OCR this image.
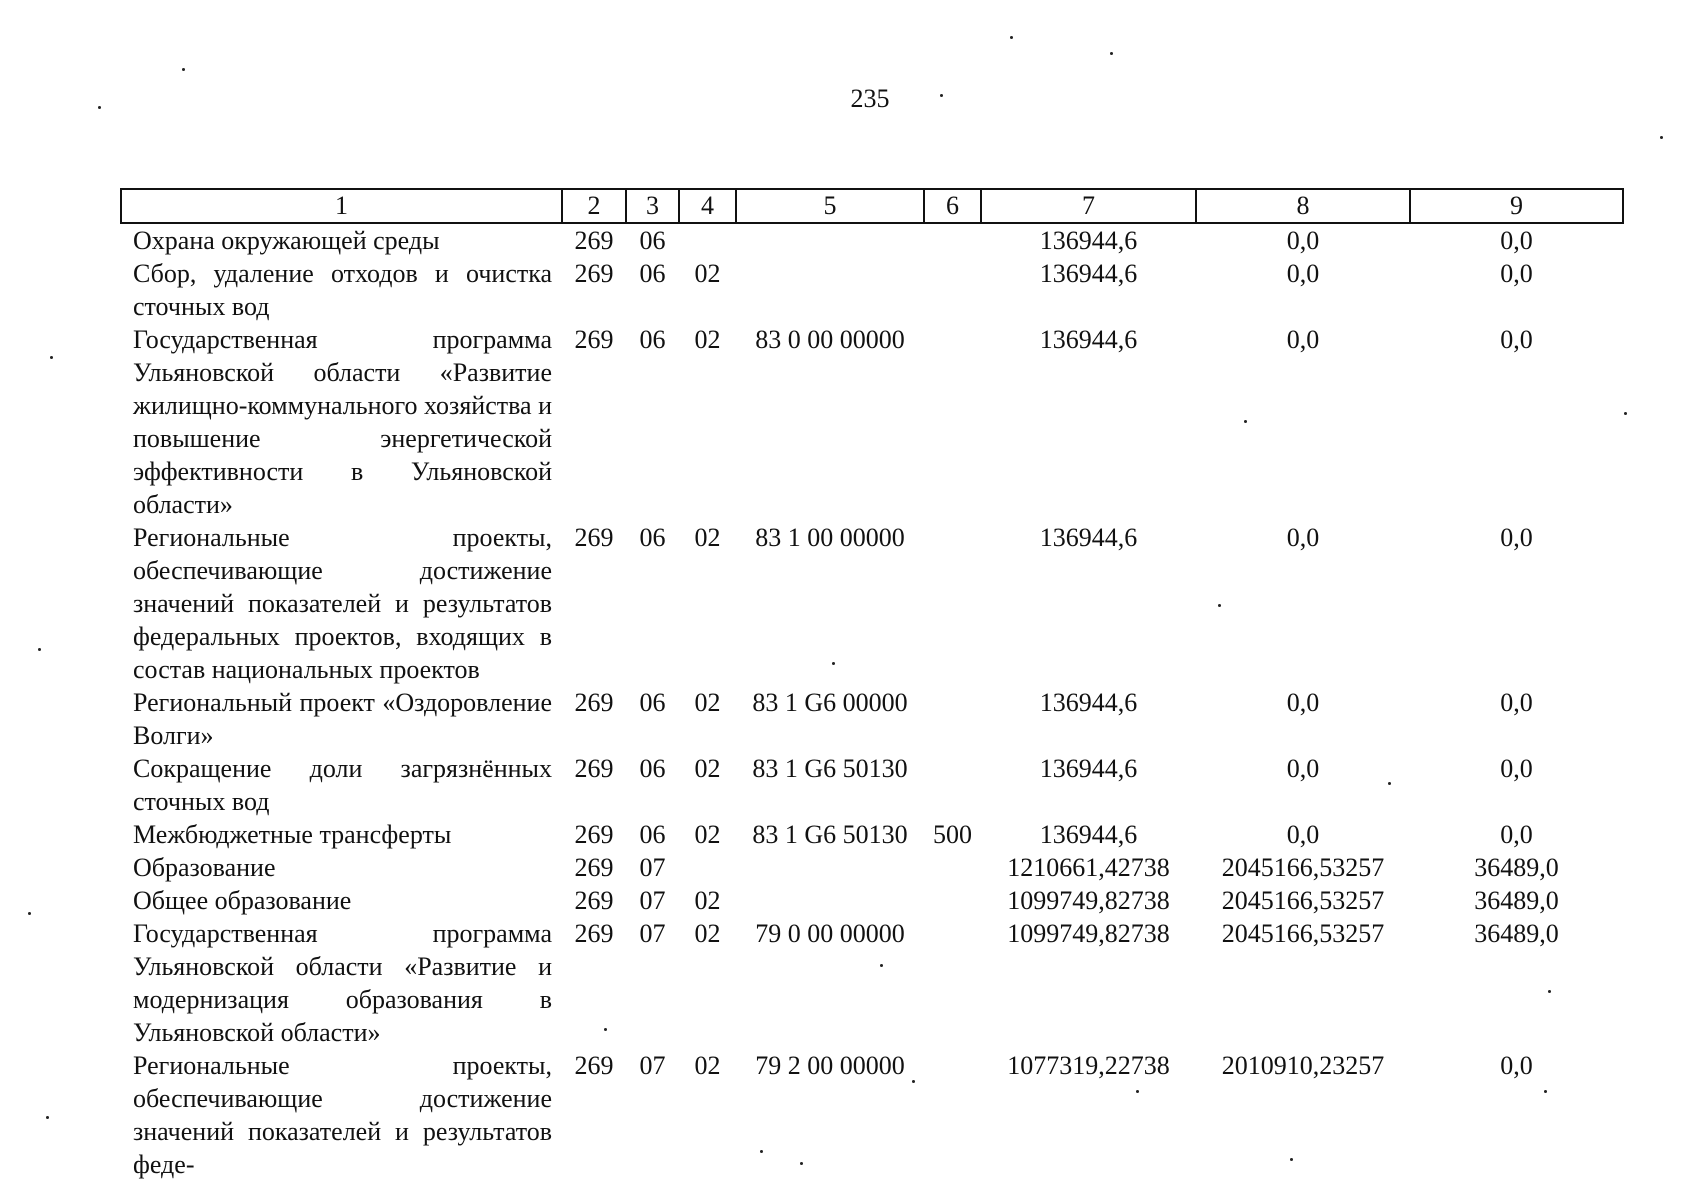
235
1	2	3	4	5	6	7	8	9
Охрана окружающей среды	269	06				136944,6	0,0	0,0
Сбор, удаление отходов и очистка сточных вод	269	06	02			136944,6	0,0	0,0
Государственная программа Ульяновской области «Развитие жилищно-коммунального хозяйства и повышение энергетической эффективности в Ульяновской области»	269	06	02	83 0 00 00000		136944,6	0,0	0,0
Региональные проекты, обеспечивающие достижение значений показателей и результатов федеральных проектов, входящих в состав национальных проектов	269	06	02	83 1 00 00000		136944,6	0,0	0,0
Региональный проект «Оздоровление Волги»	269	06	02	83 1 G6 00000		136944,6	0,0	0,0
Сокращение доли загрязнённых сточных вод	269	06	02	83 1 G6 50130		136944,6	0,0	0,0
Межбюджетные трансферты	269	06	02	83 1 G6 50130	500	136944,6	0,0	0,0
Образование	269	07				1210661,42738	2045166,53257	36489,0
Общее образование	269	07	02			1099749,82738	2045166,53257	36489,0
Государственная программа Ульяновской области «Развитие и модернизация образования в Ульяновской области»	269	07	02	79 0 00 00000		1099749,82738	2045166,53257	36489,0
Региональные проекты, обеспечивающие достижение значений показателей и результатов феде-	269	07	02	79 2 00 00000		1077319,22738	2010910,23257	0,0
